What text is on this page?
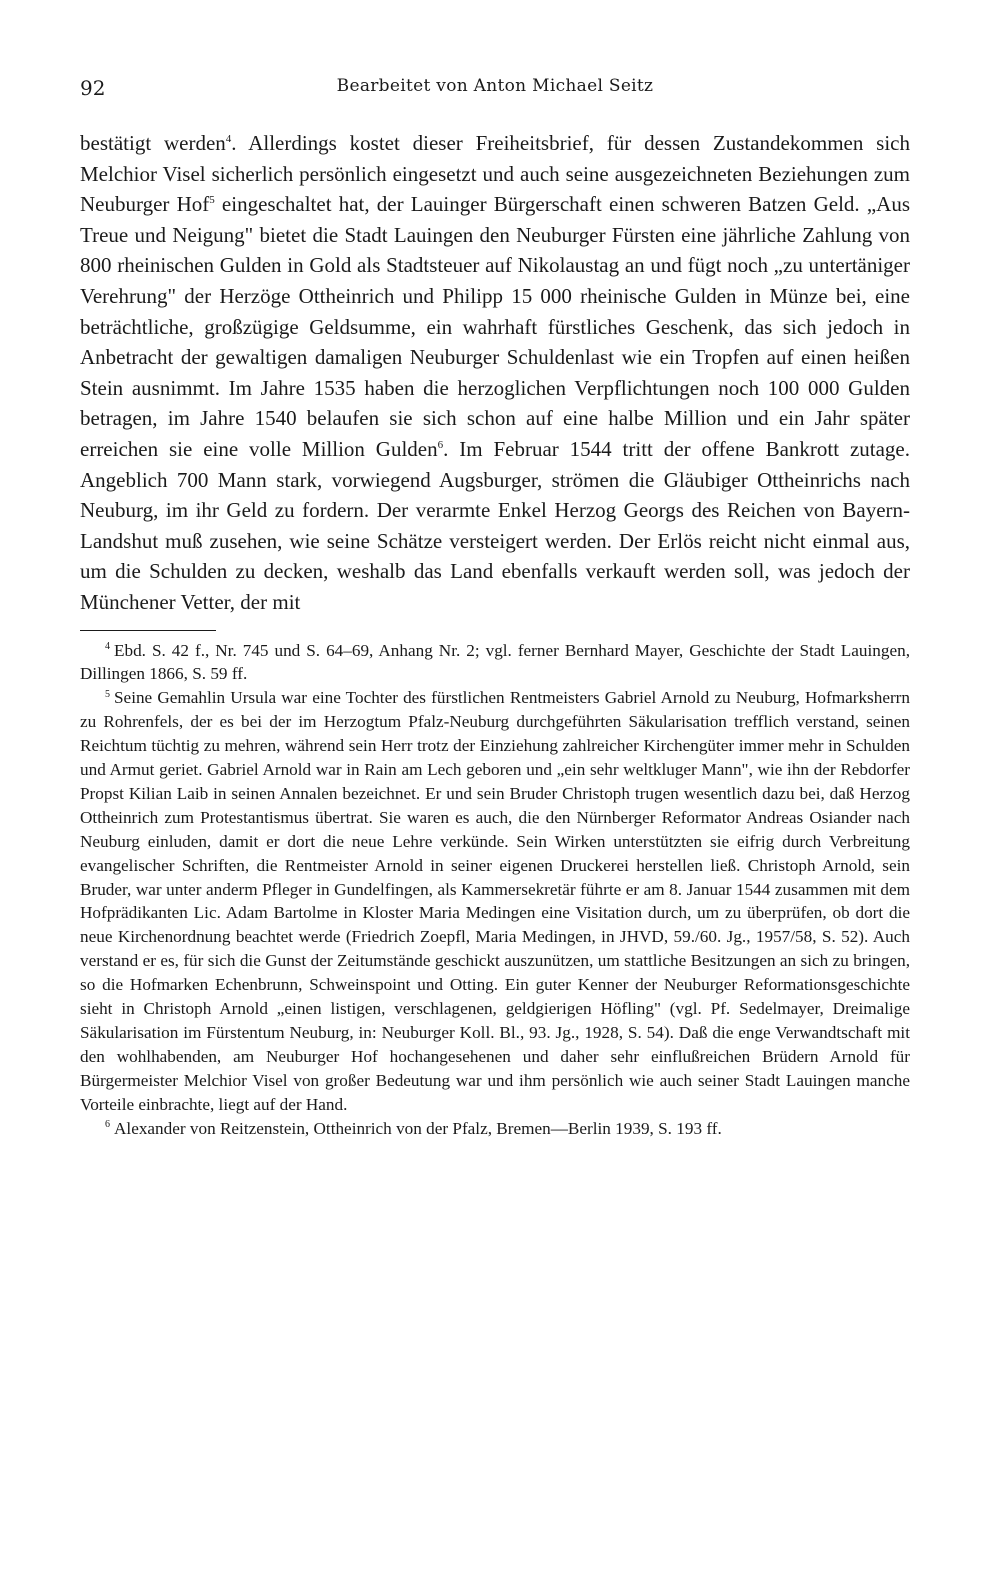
92	Bearbeitet von Anton Michael Seitz

bestätigt werden$^4$. Allerdings kostet dieser Freiheitsbrief, für dessen Zustandekommen sich Melchior Visel sicherlich persönlich eingesetzt und auch seine ausgezeichneten Beziehungen zum Neuburger Hof$^5$ eingeschaltet hat, der Lauinger Bürgerschaft einen schweren Batzen Geld. „Aus Treue und Neigung" bietet die Stadt Lauingen den Neuburger Fürsten eine jährliche Zahlung von 800 rheinischen Gulden in Gold als Stadtsteuer auf Nikolaustag an und fügt noch „zu untertäniger Verehrung" der Herzöge Ottheinrich und Philipp 15 000 rheinische Gulden in Münze bei, eine beträchtliche, großzügige Geldsumme, ein wahrhaft fürstliches Geschenk, das sich jedoch in Anbetracht der gewaltigen damaligen Neuburger Schuldenlast wie ein Tropfen auf einen heißen Stein ausnimmt. Im Jahre 1535 haben die herzoglichen Verpflichtungen noch 100 000 Gulden betragen, im Jahre 1540 belaufen sie sich schon auf eine halbe Million und ein Jahr später erreichen sie eine volle Million Gulden$^6$. Im Februar 1544 tritt der offene Bankrott zutage. Angeblich 700 Mann stark, vorwiegend Augsburger, strömen die Gläubiger Ottheinrichs nach Neuburg, im ihr Geld zu fordern. Der verarmte Enkel Herzog Georgs des Reichen von Bayern-Landshut muß zusehen, wie seine Schätze versteigert werden. Der Erlös reicht nicht einmal aus, um die Schulden zu decken, weshalb das Land ebenfalls verkauft werden soll, was jedoch der Münchener Vetter, der mit

$^4$ Ebd. S. 42 f., Nr. 745 und S. 64–69, Anhang Nr. 2; vgl. ferner Bernhard Mayer, Geschichte der Stadt Lauingen, Dillingen 1866, S. 59 ff.

$^5$ Seine Gemahlin Ursula war eine Tochter des fürstlichen Rentmeisters Gabriel Arnold zu Neuburg, Hofmarksherrn zu Rohrenfels, der es bei der im Herzogtum Pfalz-Neuburg durchgeführten Säkularisation trefflich verstand, seinen Reichtum tüchtig zu mehren, während sein Herr trotz der Einziehung zahlreicher Kirchengüter immer mehr in Schulden und Armut geriet. Gabriel Arnold war in Rain am Lech geboren und „ein sehr weltkluger Mann", wie ihn der Rebdorfer Propst Kilian Laib in seinen Annalen bezeichnet. Er und sein Bruder Christoph trugen wesentlich dazu bei, daß Herzog Ottheinrich zum Protestantismus übertrat. Sie waren es auch, die den Nürnberger Reformator Andreas Osiander nach Neuburg einluden, damit er dort die neue Lehre verkünde. Sein Wirken unterstützten sie eifrig durch Verbreitung evangelischer Schriften, die Rentmeister Arnold in seiner eigenen Druckerei herstellen ließ. Christoph Arnold, sein Bruder, war unter anderm Pfleger in Gundelfingen, als Kammersekretär führte er am 8. Januar 1544 zusammen mit dem Hofprädikanten Lic. Adam Bartolme in Kloster Maria Medingen eine Visitation durch, um zu überprüfen, ob dort die neue Kirchenordnung beachtet werde (Friedrich Zoepfl, Maria Medingen, in JHVD, 59./60. Jg., 1957/58, S. 52). Auch verstand er es, für sich die Gunst der Zeitumstände geschickt auszunützen, um stattliche Besitzungen an sich zu bringen, so die Hofmarken Echenbrunn, Schweinspoint und Otting. Ein guter Kenner der Neuburger Reformationsgeschichte sieht in Christoph Arnold „einen listigen, verschlagenen, geldgierigen Höfling" (vgl. Pf. Sedelmayer, Dreimalige Säkularisation im Fürstentum Neuburg, in: Neuburger Koll. Bl., 93. Jg., 1928, S. 54). Daß die enge Verwandtschaft mit den wohlhabenden, am Neuburger Hof hochangesehenen und daher sehr einflußreichen Brüdern Arnold für Bürgermeister Melchior Visel von großer Bedeutung war und ihm persönlich wie auch seiner Stadt Lauingen manche Vorteile einbrachte, liegt auf der Hand.

$^6$ Alexander von Reitzenstein, Ottheinrich von der Pfalz, Bremen—Berlin 1939, S. 193 ff.
